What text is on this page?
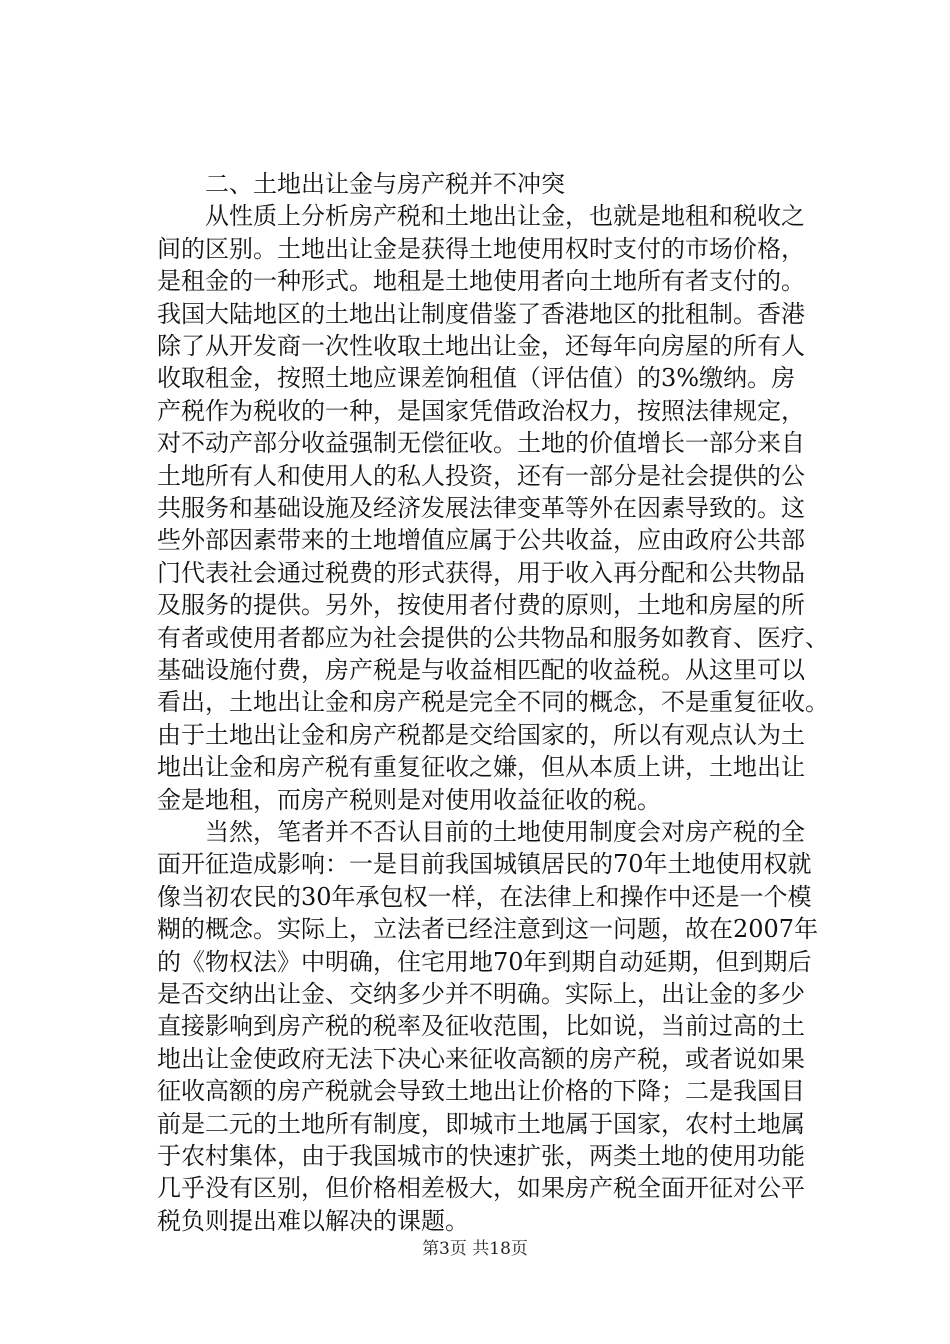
　　二、土地出让金与房产税并不冲突
　　从性质上分析房产税和土地出让金，也就是地租和税收之
间的区别。土地出让金是获得土地使用权时支付的市场价格，
是租金的一种形式。地租是土地使用者向土地所有者支付的。
我国大陆地区的土地出让制度借鉴了香港地区的批租制。香港
除了从开发商一次性收取土地出让金，还每年向房屋的所有人
收取租金，按照土地应课差饷租值（评估值）的3%缴纳。房
产税作为税收的一种，是国家凭借政治权力，按照法律规定，
对不动产部分收益强制无偿征收。土地的价值增长一部分来自
土地所有人和使用人的私人投资，还有一部分是社会提供的公
共服务和基础设施及经济发展法律变革等外在因素导致的。这
些外部因素带来的土地增值应属于公共收益，应由政府公共部
门代表社会通过税费的形式获得，用于收入再分配和公共物品
及服务的提供。另外，按使用者付费的原则，土地和房屋的所
有者或使用者都应为社会提供的公共物品和服务如教育、医疗、
基础设施付费，房产税是与收益相匹配的收益税。从这里可以
看出，土地出让金和房产税是完全不同的概念，不是重复征收。
由于土地出让金和房产税都是交给国家的，所以有观点认为土
地出让金和房产税有重复征收之嫌，但从本质上讲，土地出让
金是地租，而房产税则是对使用收益征收的税。
　　当然，笔者并不否认目前的土地使用制度会对房产税的全
面开征造成影响：一是目前我国城镇居民的70年土地使用权就
像当初农民的30年承包权一样，在法律上和操作中还是一个模
糊的概念。实际上，立法者已经注意到这一问题，故在2007年
的《物权法》中明确，住宅用地70年到期自动延期，但到期后
是否交纳出让金、交纳多少并不明确。实际上，出让金的多少
直接影响到房产税的税率及征收范围，比如说，当前过高的土
地出让金使政府无法下决心来征收高额的房产税，或者说如果
征收高额的房产税就会导致土地出让价格的下降；二是我国目
前是二元的土地所有制度，即城市土地属于国家，农村土地属
于农村集体，由于我国城市的快速扩张，两类土地的使用功能
几乎没有区别，但价格相差极大，如果房产税全面开征对公平
税负则提出难以解决的课题。
第3页 共18页
